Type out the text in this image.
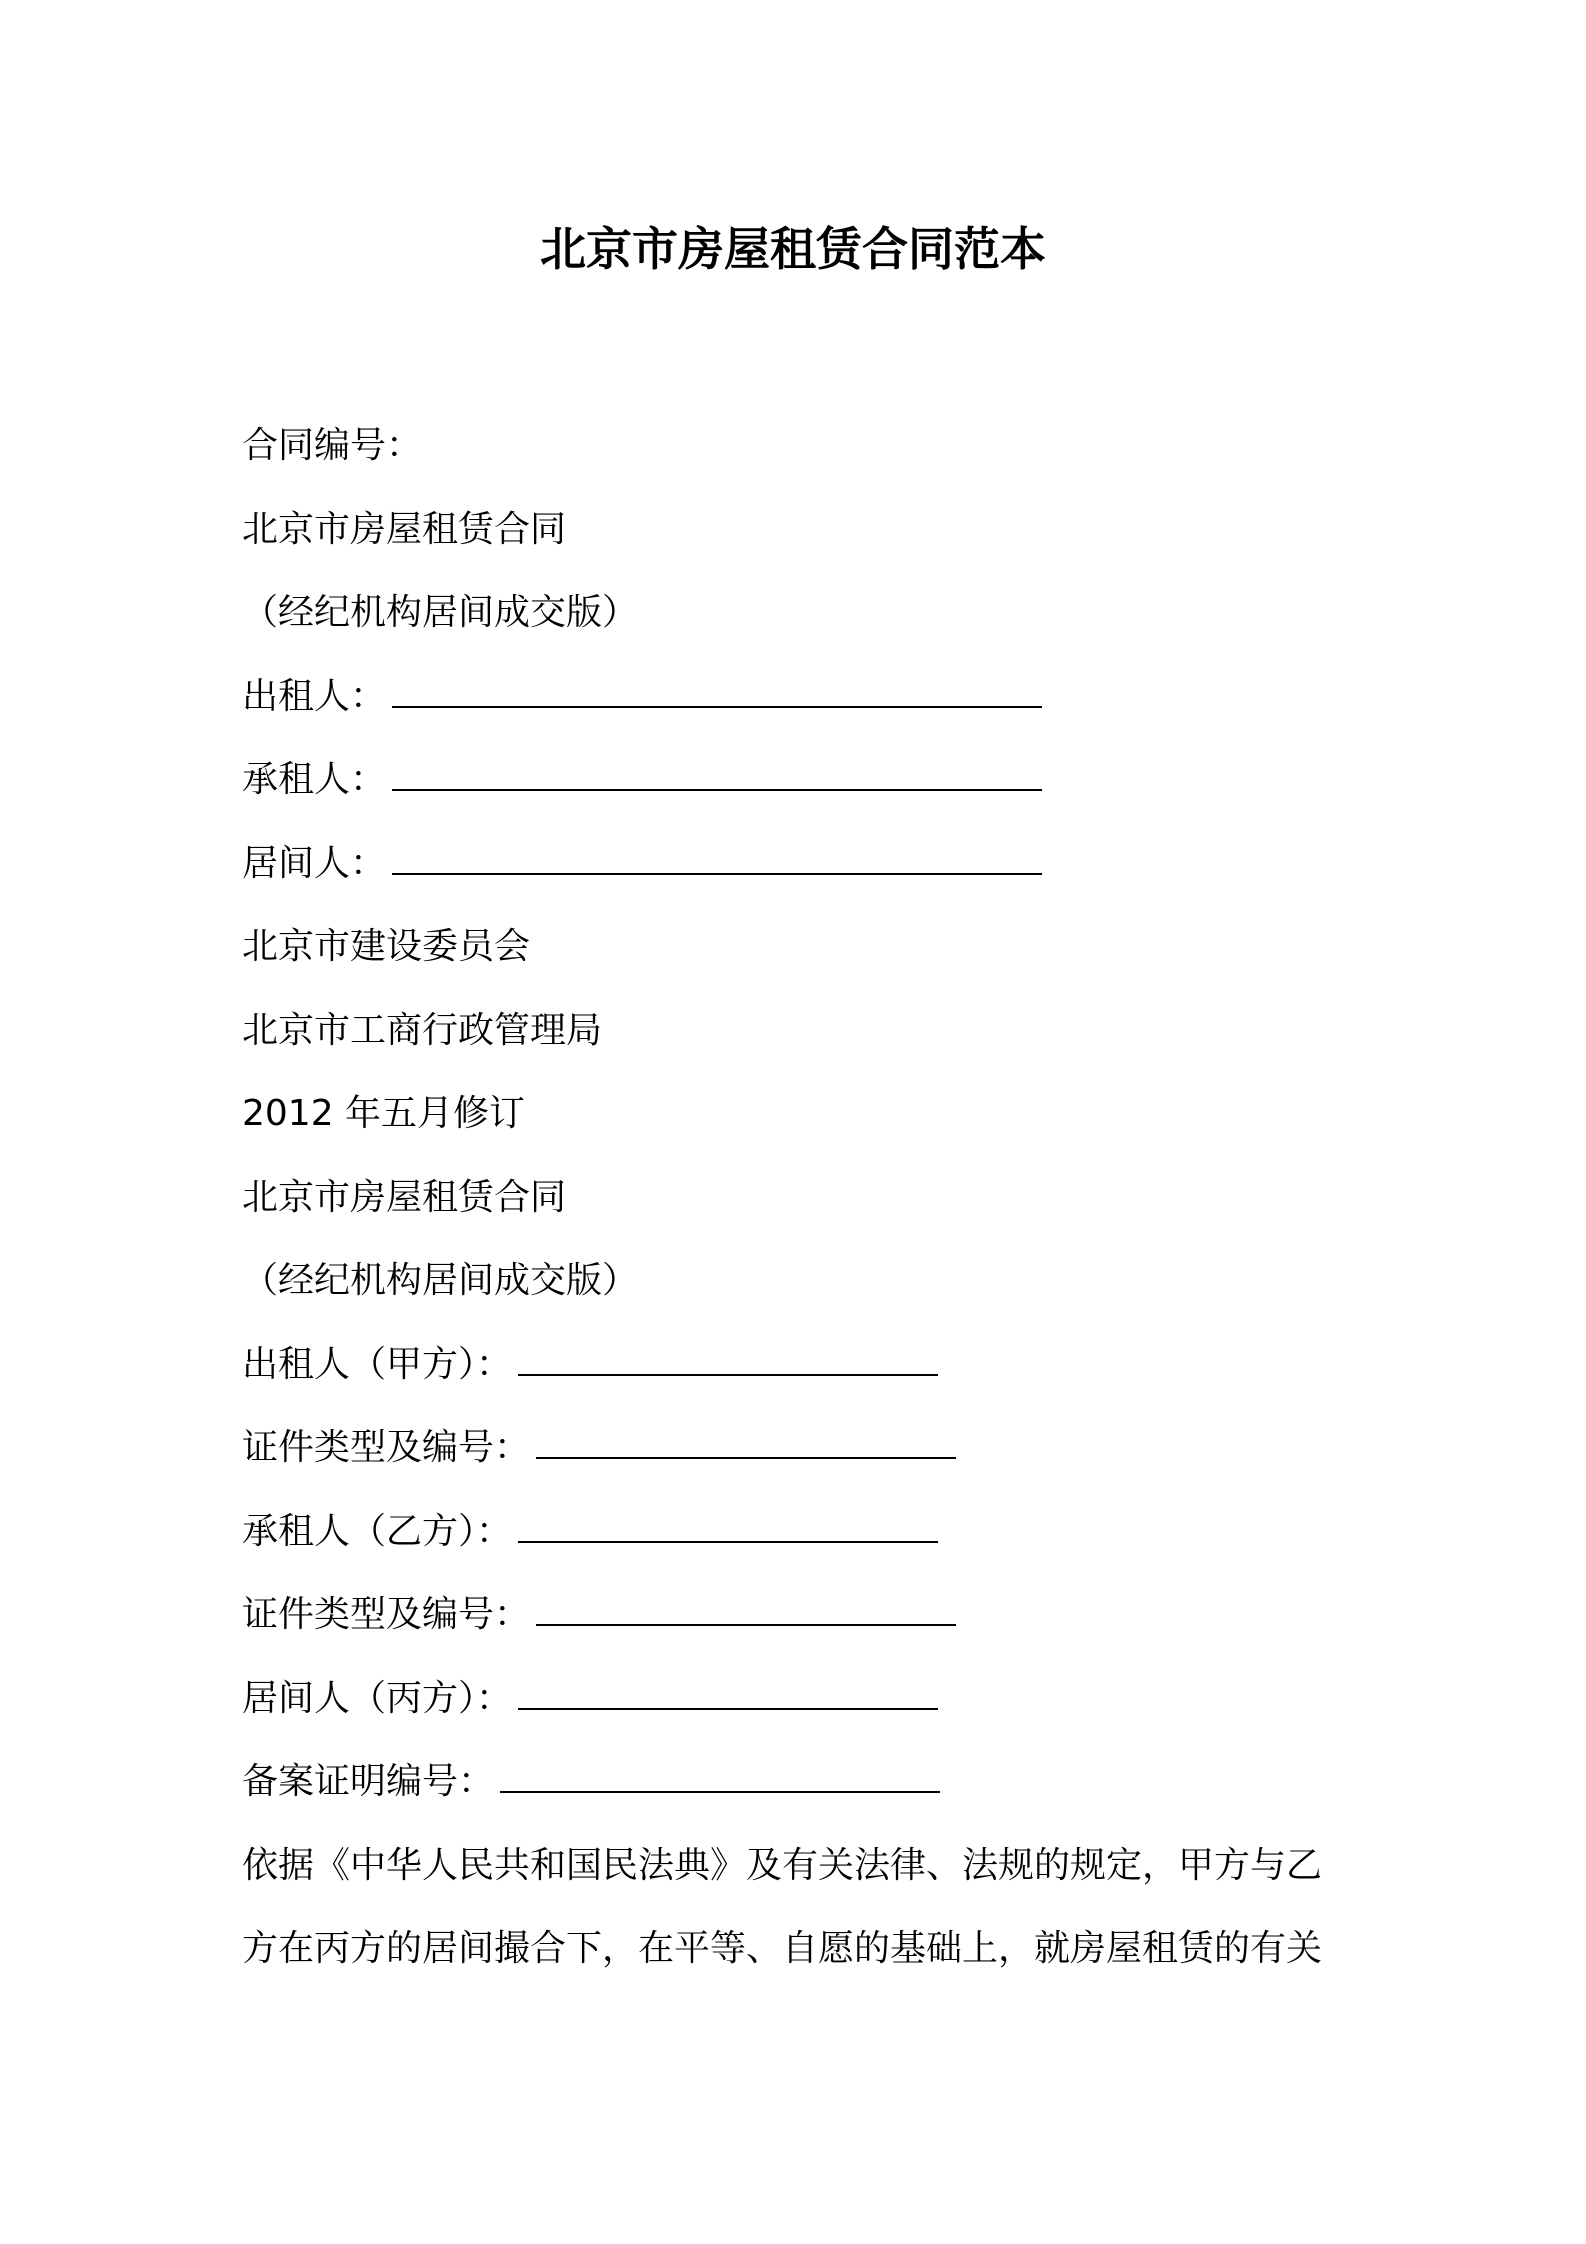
北京市房屋租赁合同范本
合同编号：
北京市房屋租赁合同
（经纪机构居间成交版）
出租人：
承租人：
居间人：
北京市建设委员会
北京市工商行政管理局
2012 年五月修订
北京市房屋租赁合同
（经纪机构居间成交版）
出租人（甲方）：
证件类型及编号：
承租人（乙方）：
证件类型及编号：
居间人（丙方）：
备案证明编号：
依据《中华人民共和国民法典》及有关法律、法规的规定，甲方与乙方在丙方的居间撮合下，在平等、自愿的基础上，就房屋租赁的有关
